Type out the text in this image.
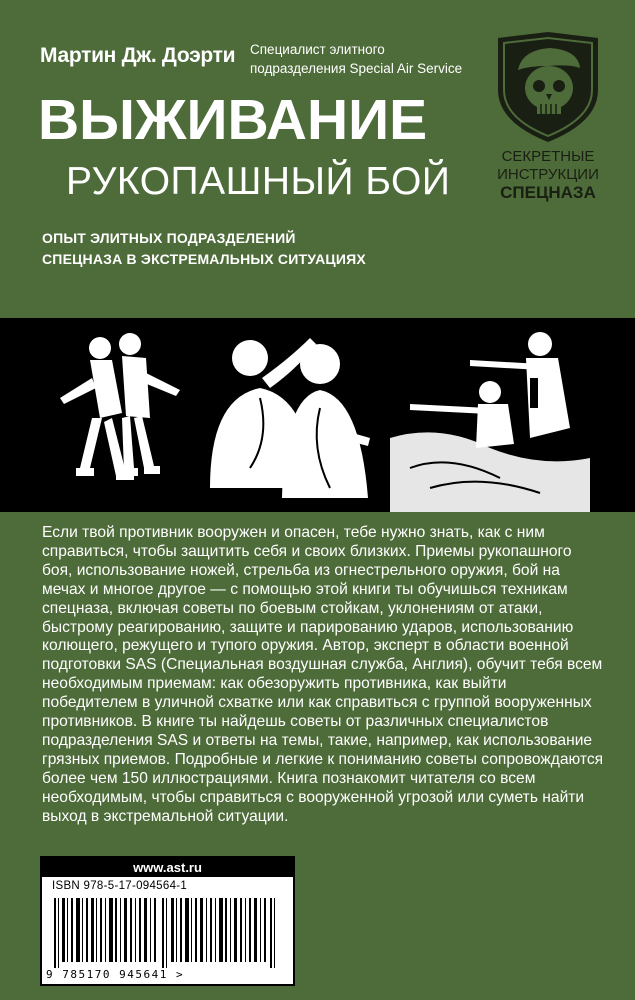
Мартин Дж. Доэрти Специалист элитного
подразделения Special Air Service
ВЫЖИВАНИЕ
РУКОПАШНЫЙ БОЙ
ОПЫТ ЭЛИТНЫХ ПОДРАЗДЕЛЕНИЙ
СПЕЦНАЗА В ЭКСТРЕМАЛЬНЫХ СИТУАЦИЯХ
СЕКРЕТНЫЕ
ИНСТРУКЦИИ
СПЕЦНАЗА
Если твой противник вооружен и опасен, тебе нужно знать, как с ним справиться, чтобы защитить себя и своих близких. Приемы рукопашного боя, использование ножей, стрельба из огнестрельного оружия, бой на мечах и многое другое — с помощью этой книги ты обучишься техникам спецназа, включая советы по боевым стойкам, уклонениям от атаки, быстрому реагированию, защите и парированию ударов, использованию колющего, режущего и тупого оружия. Автор, эксперт в области военной подготовки SAS (Специальная воздушная служба, Англия), обучит тебя всем необходимым приемам: как обезоружить противника, как выйти победителем в уличной схватке или как справиться с группой вооруженных противников. В книге ты найдешь советы от различных специалистов подразделения SAS и ответы на темы, такие, например, как использование грязных приемов. Подробные и легкие к пониманию советы сопровождаются более чем 150 иллюстрациями. Книга познакомит читателя со всем необходимым, чтобы справиться с вооруженной угрозой или суметь найти выход в экстремальной ситуации.
www.ast.ru
ISBN 978-5-17-094564-1
9 785170 945641 >
